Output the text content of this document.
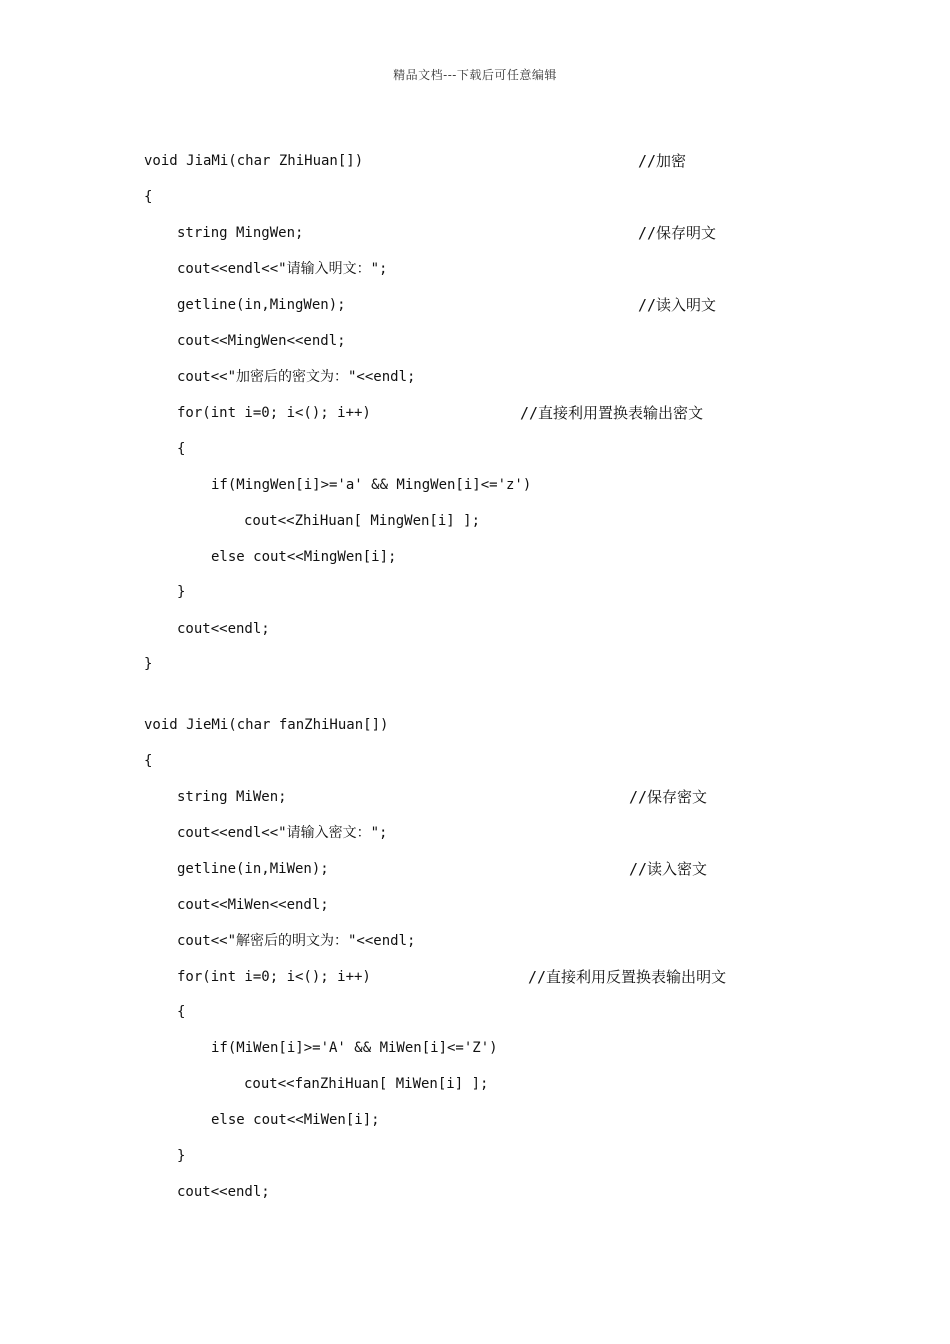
精品文档---下载后可任意编辑
void JiaMi(char ZhiHuan[])	//加密
{
string MingWen;	//保存明文
cout<<endl<<"请输入明文：";
getline(in,MingWen);	//读入明文
cout<<MingWen<<endl;
cout<<"加密后的密文为："<<endl;
for(int i=0; i<(); i++)	//直接利用置换表输出密文
{
if(MingWen[i]>='a' && MingWen[i]<='z')
cout<<ZhiHuan[ MingWen[i] ];
else cout<<MingWen[i];
}
cout<<endl;
}
void JieMi(char fanZhiHuan[])
{
string MiWen;	//保存密文
cout<<endl<<"请输入密文：";
getline(in,MiWen);	//读入密文
cout<<MiWen<<endl;
cout<<"解密后的明文为："<<endl;
for(int i=0; i<(); i++)	//直接利用反置换表输出明文
{
if(MiWen[i]>='A' && MiWen[i]<='Z')
cout<<fanZhiHuan[ MiWen[i] ];
else cout<<MiWen[i];
}
cout<<endl;
